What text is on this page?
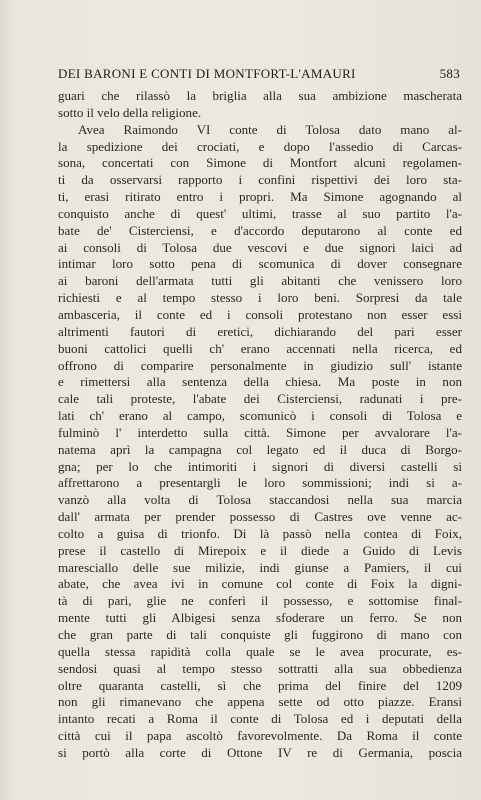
DEI BARONI E CONTI DI MONTFORT-L'AMAURI	583
guari che rilassò la briglia alla sua ambizione mascherata
sotto il velo della religione.
Avea Raimondo VI conte di Tolosa dato mano al-
la spedizione dei crociati, e dopo l'assedio di Carcas-
sona, concertati con Simone di Montfort alcuni regolamen-
ti da osservarsi rapporto i confini rispettivi dei loro sta-
ti, erasi ritirato entro i propri. Ma Simone agognando al
conquisto anche di quest' ultimi, trasse al suo partito l'a-
bate de' Cisterciensi, e d'accordo deputarono al conte ed
ai consoli di Tolosa due vescovi e due signori laici ad
intimar loro sotto pena di scomunica di dover consegnare
ai baroni dell'armata tutti gli abitanti che venissero loro
richiesti e al tempo stesso i loro beni. Sorpresi da tale
ambasceria, il conte ed i consoli protestano non esser essi
altrimenti fautori di eretici, dichiarando del pari esser
buoni cattolici quelli ch' erano accennati nella ricerca, ed
offrono di comparire personalmente in giudizio sull' istante
e rimettersi alla sentenza della chiesa. Ma poste in non
cale tali proteste, l'abate dei Cisterciensi, radunati i pre-
lati ch' erano al campo, scomunicò i consoli di Tolosa e
fulminò l' interdetto sulla città. Simone per avvalorare l'a-
natema aprì la campagna col legato ed il duca di Borgo-
gna; per lo che intimoriti i signori di diversi castelli si
affrettarono a presentargli le loro sommissioni; indi si a-
vanzò alla volta di Tolosa staccandosi nella sua marcia
dall' armata per prender possesso di Castres ove venne ac-
colto a guisa di trionfo. Di là passò nella contea di Foix,
prese il castello di Mirepoix e il diede a Guido di Levis
maresciallo delle sue milizie, indi giunse a Pamiers, il cui
abate, che avea ivi in comune col conte di Foix la digni-
tà di pari, glie ne conferì il possesso, e sottomise final-
mente tutti gli Albigesi senza sfoderare un ferro. Se non
che gran parte di tali conquiste gli fuggirono di mano con
quella stessa rapidità colla quale se le avea procurate, es-
sendosi quasi al tempo stesso sottratti alla sua obbedienza
oltre quaranta castelli, sì che prima del finire del 1209
non gli rimanevano che appena sette od otto piazze. Eransi
intanto recati a Roma il conte di Tolosa ed i deputati della
città cui il papa ascoltò favorevolmente. Da Roma il conte
si portò alla corte di Ottone IV re di Germania, poscia
